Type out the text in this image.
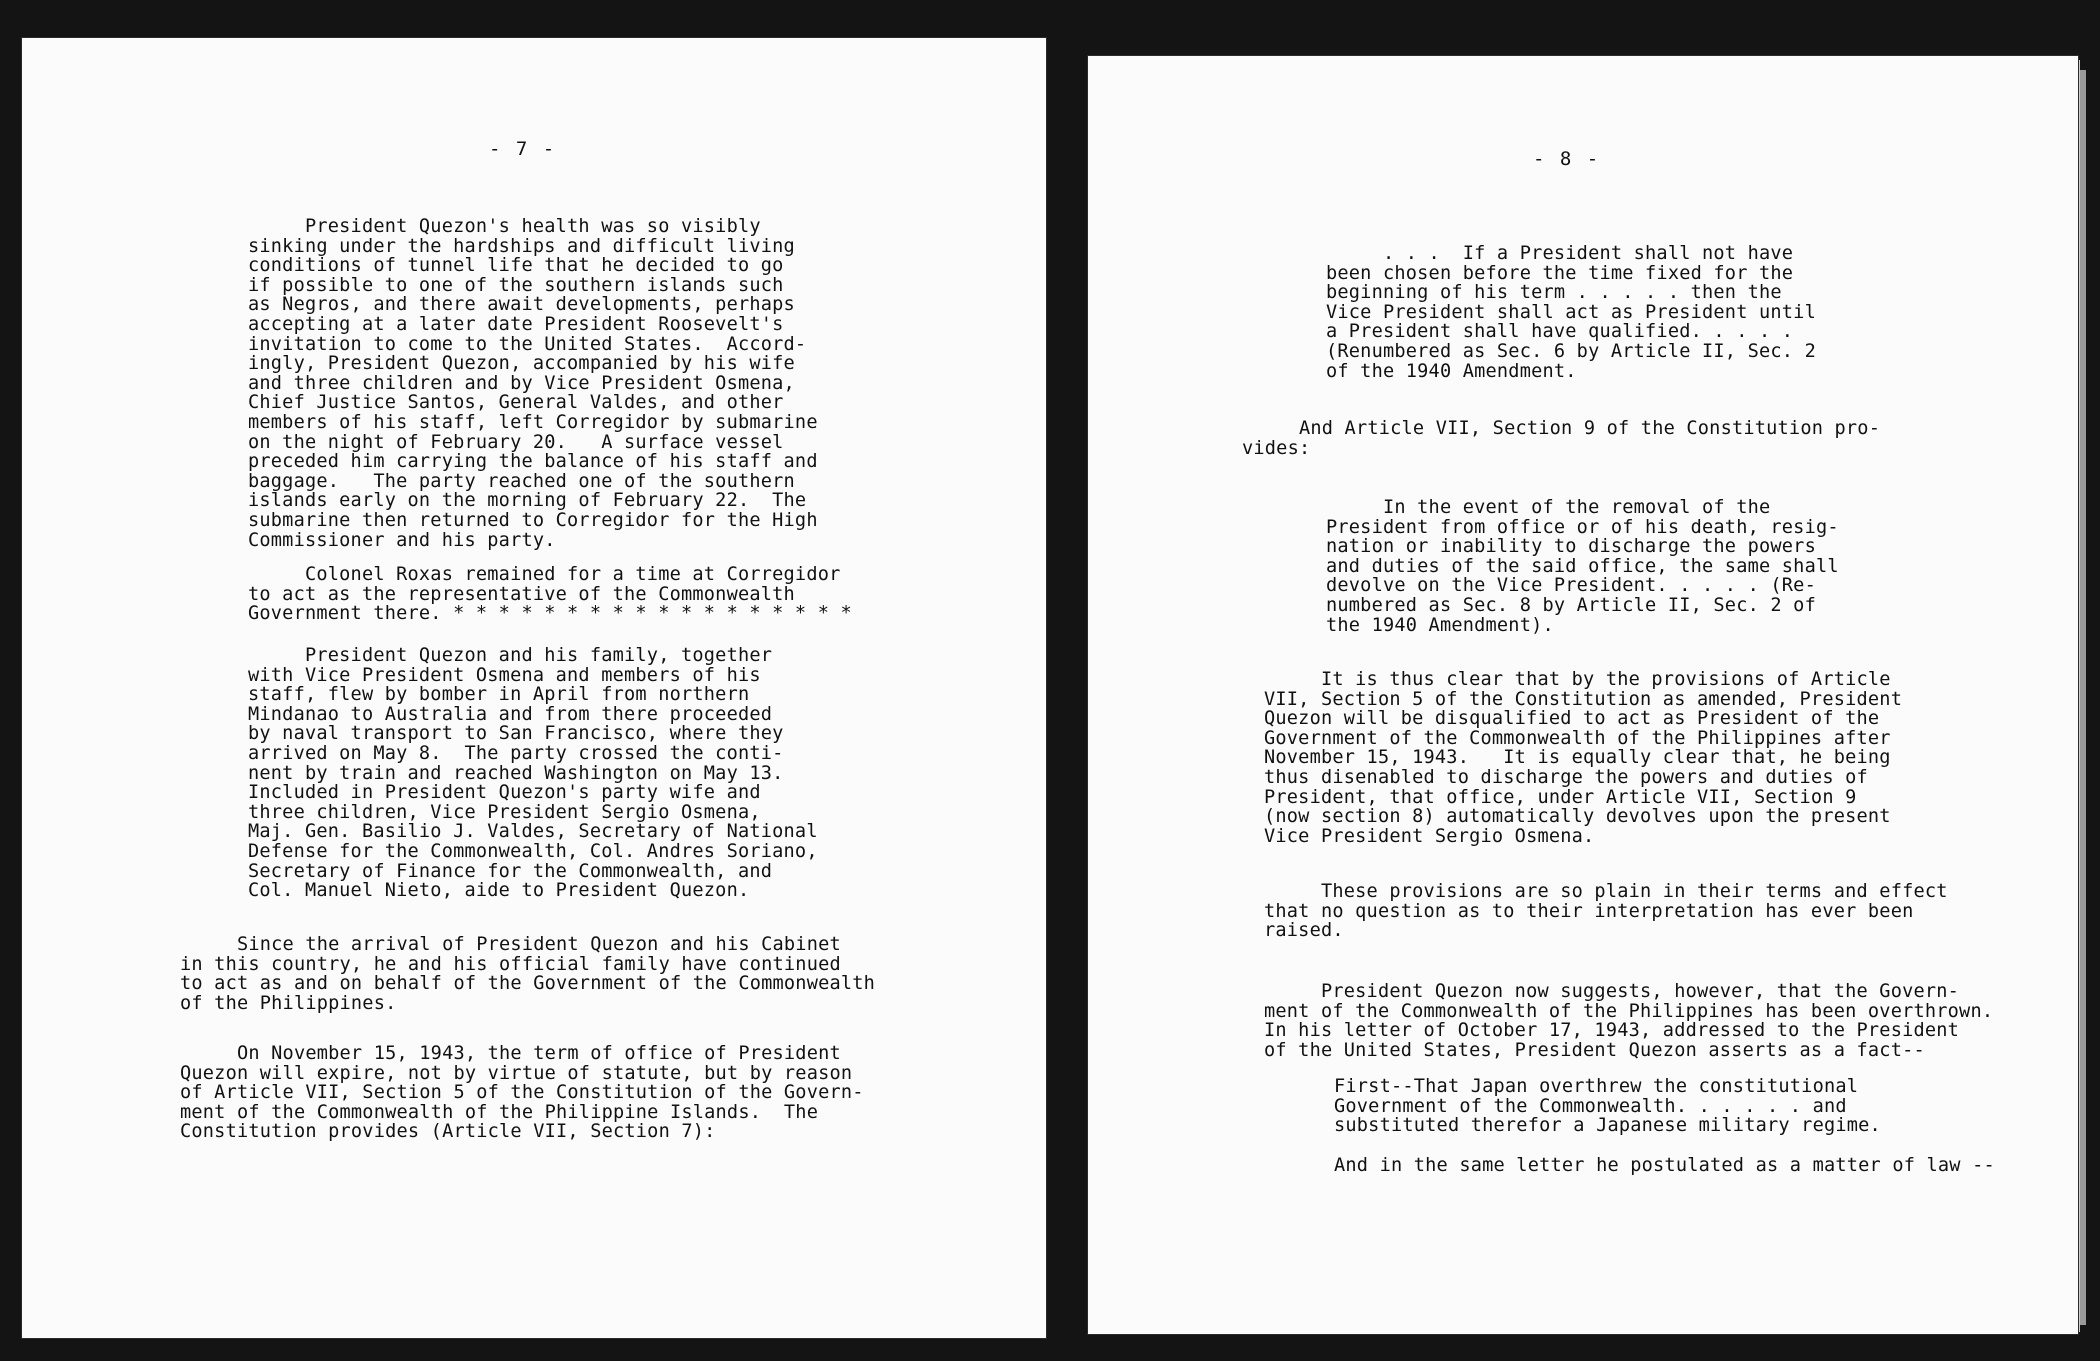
- 7 -
President Quezon's health was so visibly
sinking under the hardships and difficult living
conditions of tunnel life that he decided to go
if possible to one of the southern islands such
as Negros, and there await developments, perhaps
accepting at a later date President Roosevelt's
invitation to come to the United States.  Accord-
ingly, President Quezon, accompanied by his wife
and three children and by Vice President Osmena,
Chief Justice Santos, General Valdes, and other
members of his staff, left Corregidor by submarine
on the night of February 20.   A surface vessel
preceded him carrying the balance of his staff and
baggage.   The party reached one of the southern
islands early on the morning of February 22.  The
submarine then returned to Corregidor for the High
Commissioner and his party.
Colonel Roxas remained for a time at Corregidor
to act as the representative of the Commonwealth
Government there. * * * * * * * * * * * * * * * * * *
President Quezon and his family, together
with Vice President Osmena and members of his
staff, flew by bomber in April from northern
Mindanao to Australia and from there proceeded
by naval transport to San Francisco, where they
arrived on May 8.  The party crossed the conti-
nent by train and reached Washington on May 13.
Included in President Quezon's party wife and
three children, Vice President Sergio Osmena,
Maj. Gen. Basilio J. Valdes, Secretary of National
Defense for the Commonwealth, Col. Andres Soriano,
Secretary of Finance for the Commonwealth, and
Col. Manuel Nieto, aide to President Quezon.
Since the arrival of President Quezon and his Cabinet
in this country, he and his official family have continued
to act as and on behalf of the Government of the Commonwealth
of the Philippines.
On November 15, 1943, the term of office of President
Quezon will expire, not by virtue of statute, but by reason
of Article VII, Section 5 of the Constitution of the Govern-
ment of the Commonwealth of the Philippine Islands.  The
Constitution provides (Article VII, Section 7):
- 8 -
. . .  If a President shall not have
been chosen before the time fixed for the
beginning of his term . . . . . then the
Vice President shall act as President until
a President shall have qualified. . . . .
(Renumbered as Sec. 6 by Article II, Sec. 2
of the 1940 Amendment.
And Article VII, Section 9 of the Constitution pro-
vides:
In the event of the removal of the
President from office or of his death, resig-
nation or inability to discharge the powers
and duties of the said office, the same shall
devolve on the Vice President. . . . . (Re-
numbered as Sec. 8 by Article II, Sec. 2 of
the 1940 Amendment).
It is thus clear that by the provisions of Article
VII, Section 5 of the Constitution as amended, President
Quezon will be disqualified to act as President of the
Government of the Commonwealth of the Philippines after
November 15, 1943.   It is equally clear that, he being
thus disenabled to discharge the powers and duties of
President, that office, under Article VII, Section 9
(now section 8) automatically devolves upon the present
Vice President Sergio Osmena.
These provisions are so plain in their terms and effect
that no question as to their interpretation has ever been
raised.
President Quezon now suggests, however, that the Govern-
ment of the Commonwealth of the Philippines has been overthrown.
In his letter of October 17, 1943, addressed to the President
of the United States, President Quezon asserts as a fact--
First--That Japan overthrew the constitutional
Government of the Commonwealth. . . . . . and
substituted therefor a Japanese military regime.
And in the same letter he postulated as a matter of law --
